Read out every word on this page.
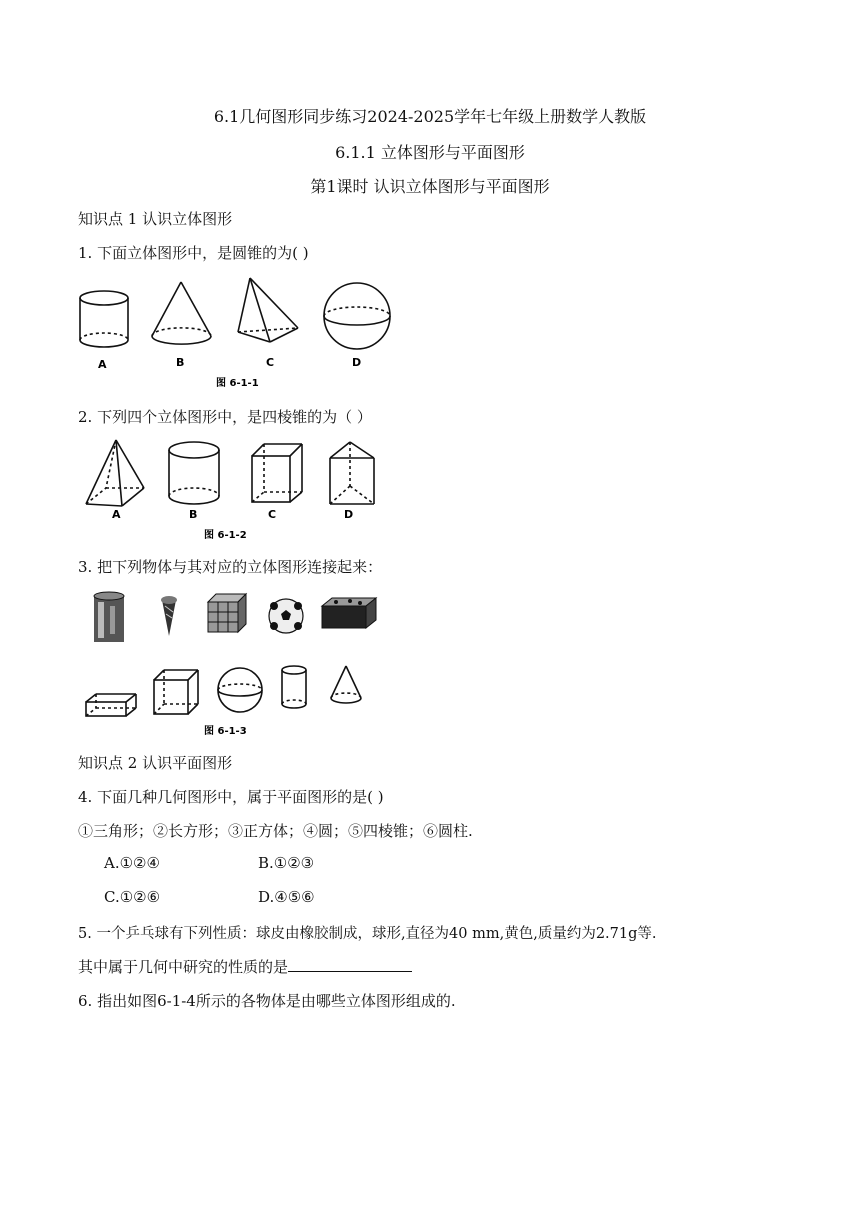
6.1几何图形同步练习2024-2025学年七年级上册数学人教版
6.1.1 立体图形与平面图形
第1课时 认识立体图形与平面图形
知识点 1 认识立体图形
1. 下面立体图形中，是圆锥的为( )
A	B	C	D
图 6-1-1
2. 下列四个立体图形中，是四棱锥的为（ ）
A	B	C	D
图 6-1-2
3. 把下列物体与其对应的立体图形连接起来：
图 6-1-3
知识点 2 认识平面图形
4. 下面几种几何图形中，属于平面图形的是( )
①三角形；②长方形；③正方体；④圆；⑤四棱锥；⑥圆柱.
A.①②④	B.①②③
C.①②⑥	D.④⑤⑥
5. 一个乒乓球有下列性质：球皮由橡胶制成，球形,直径为40 mm,黄色,质量约为2.71g等.
其中属于几何中研究的性质的是
6. 指出如图6-1-4所示的各物体是由哪些立体图形组成的.
